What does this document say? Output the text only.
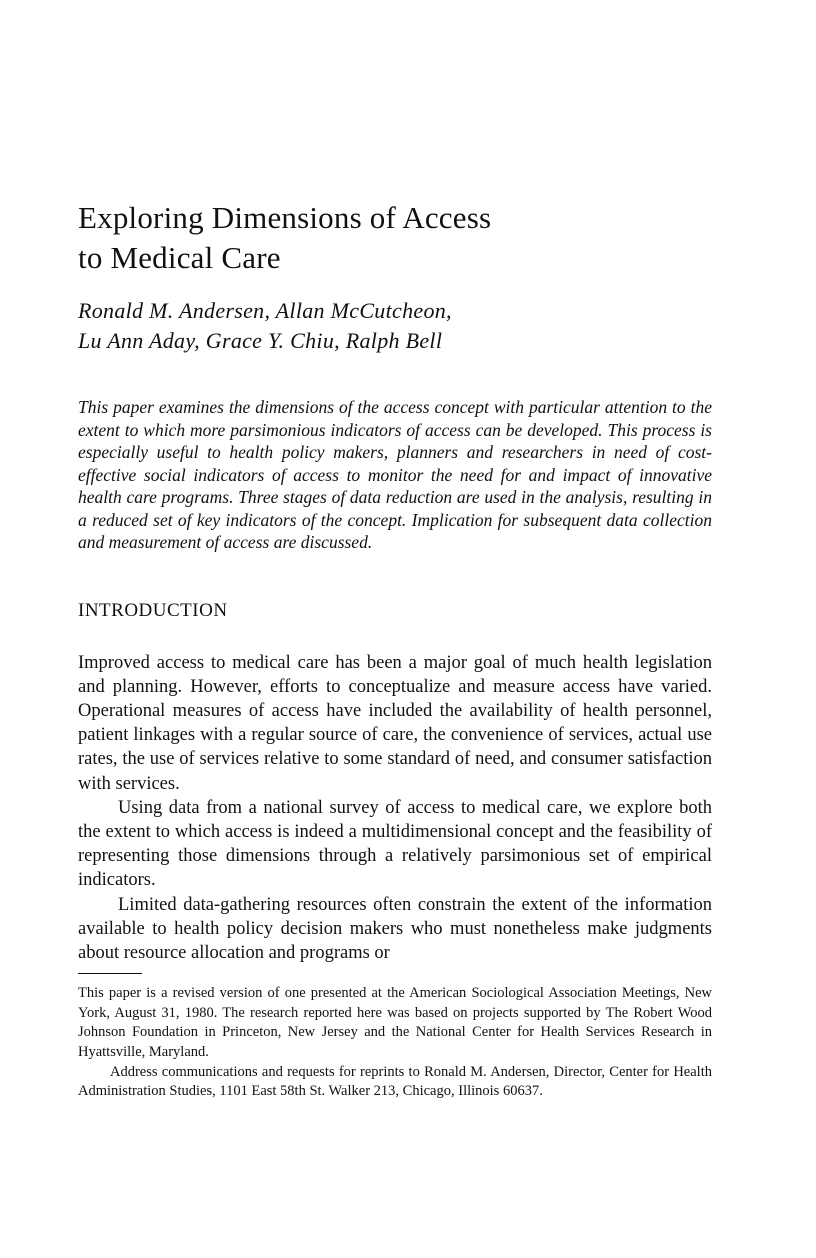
Exploring Dimensions of Access
to Medical Care
Ronald M. Andersen, Allan McCutcheon,
Lu Ann Aday, Grace Y. Chiu, Ralph Bell
This paper examines the dimensions of the access concept with particular attention to the extent to which more parsimonious indicators of access can be developed. This process is especially useful to health policy makers, planners and researchers in need of cost-effective social indicators of access to monitor the need for and impact of innovative health care programs. Three stages of data reduction are used in the analysis, resulting in a reduced set of key indicators of the concept. Implication for subsequent data collection and measurement of access are discussed.
INTRODUCTION

Improved access to medical care has been a major goal of much health legislation and planning. However, efforts to conceptualize and measure access have varied. Operational measures of access have included the availability of health personnel, patient linkages with a regular source of care, the convenience of services, actual use rates, the use of services relative to some standard of need, and consumer satisfaction with services.

Using data from a national survey of access to medical care, we explore both the extent to which access is indeed a multidimensional concept and the feasibility of representing those dimensions through a relatively parsimonious set of empirical indicators.

Limited data-gathering resources often constrain the extent of the information available to health policy decision makers who must nonetheless make judgments about resource allocation and programs or

This paper is a revised version of one presented at the American Sociological Association Meetings, New York, August 31, 1980. The research reported here was based on projects supported by The Robert Wood Johnson Foundation in Princeton, New Jersey and the National Center for Health Services Research in Hyattsville, Maryland.

Address communications and requests for reprints to Ronald M. Andersen, Director, Center for Health Administration Studies, 1101 East 58th St. Walker 213, Chicago, Illinois 60637.
